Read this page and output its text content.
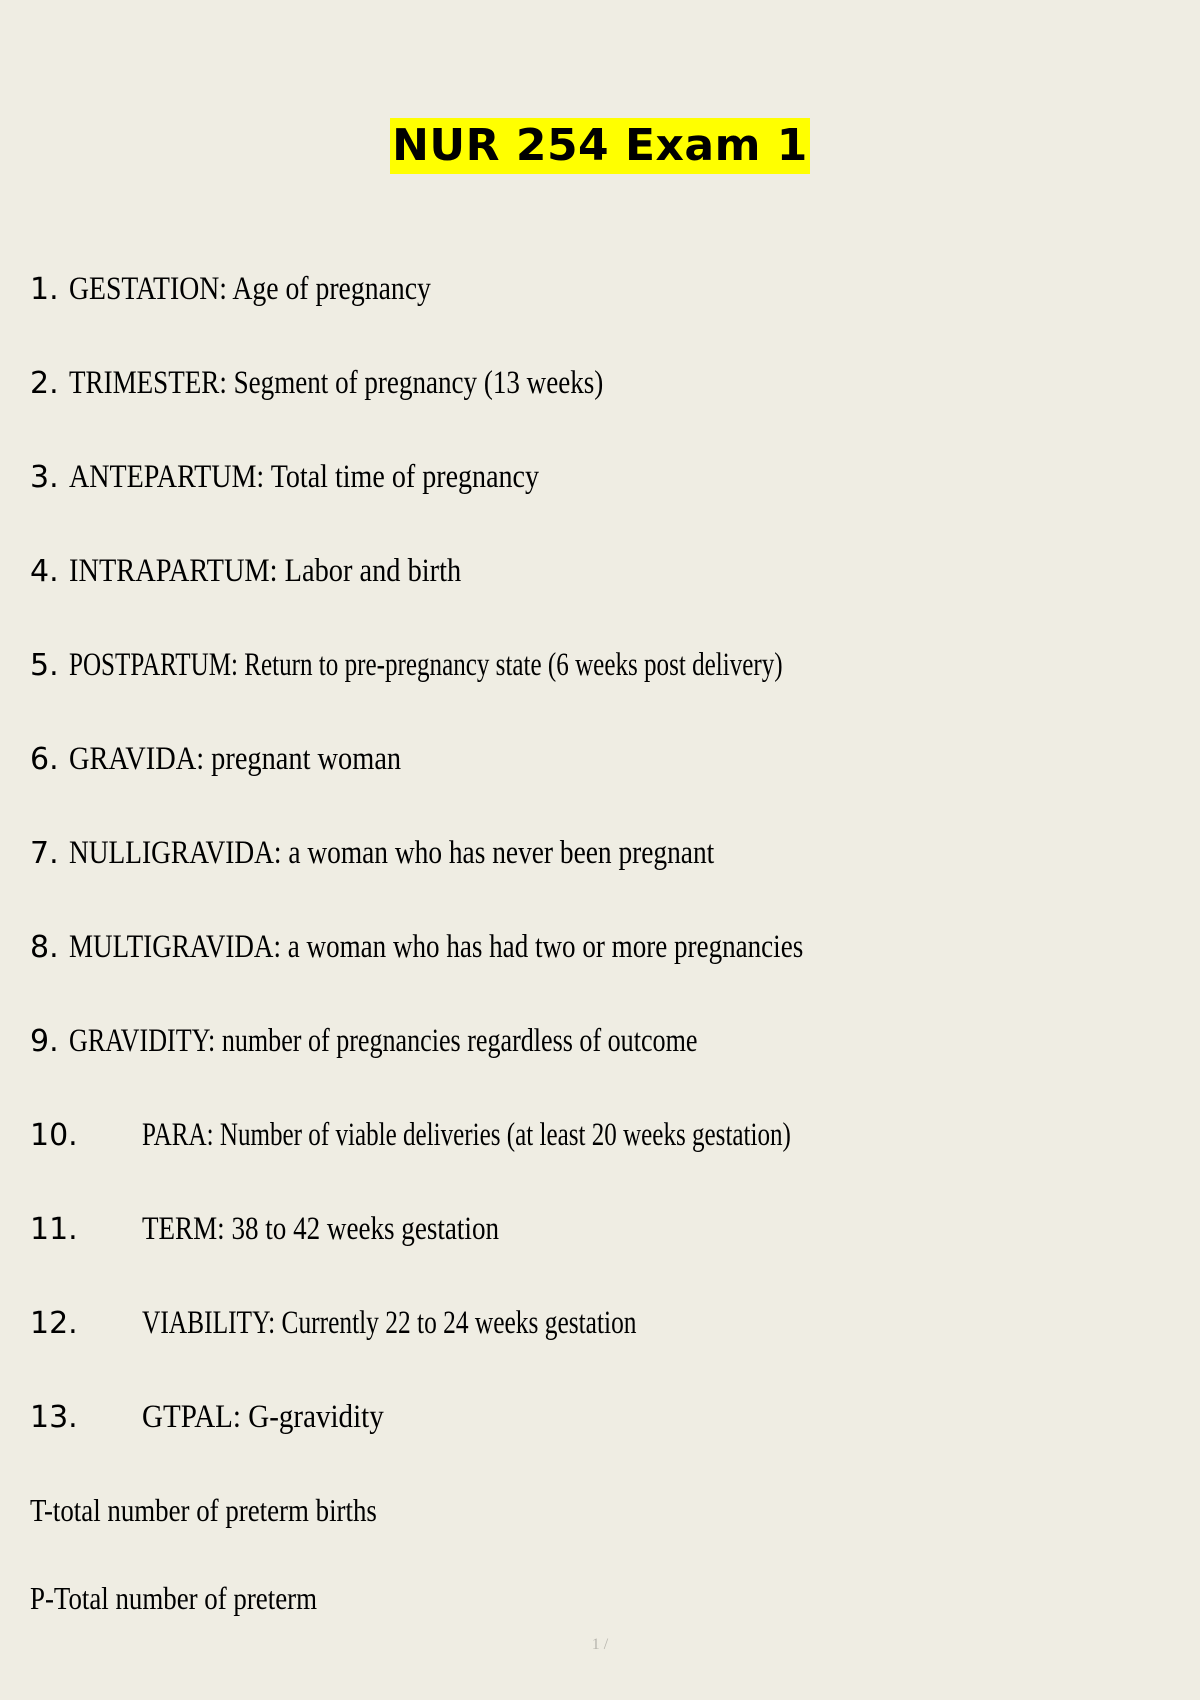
NUR 254 Exam 1
1. GESTATION: Age of pregnancy
2. TRIMESTER: Segment of pregnancy (13 weeks)
3. ANTEPARTUM: Total time of pregnancy
4. INTRAPARTUM: Labor and birth
5. POSTPARTUM: Return to pre-pregnancy state (6 weeks post delivery)
6. GRAVIDA: pregnant woman
7. NULLIGRAVIDA: a woman who has never been pregnant
8. MULTIGRAVIDA: a woman who has had two or more pregnancies
9. GRAVIDITY: number of pregnancies regardless of outcome
10.	PARA: Number of viable deliveries (at least 20 weeks gestation)
11.	TERM: 38 to 42 weeks gestation
12.	VIABILITY: Currently 22 to 24 weeks gestation
13.	GTPAL: G-gravidity
T-total number of preterm births
P-Total number of preterm
1 /
